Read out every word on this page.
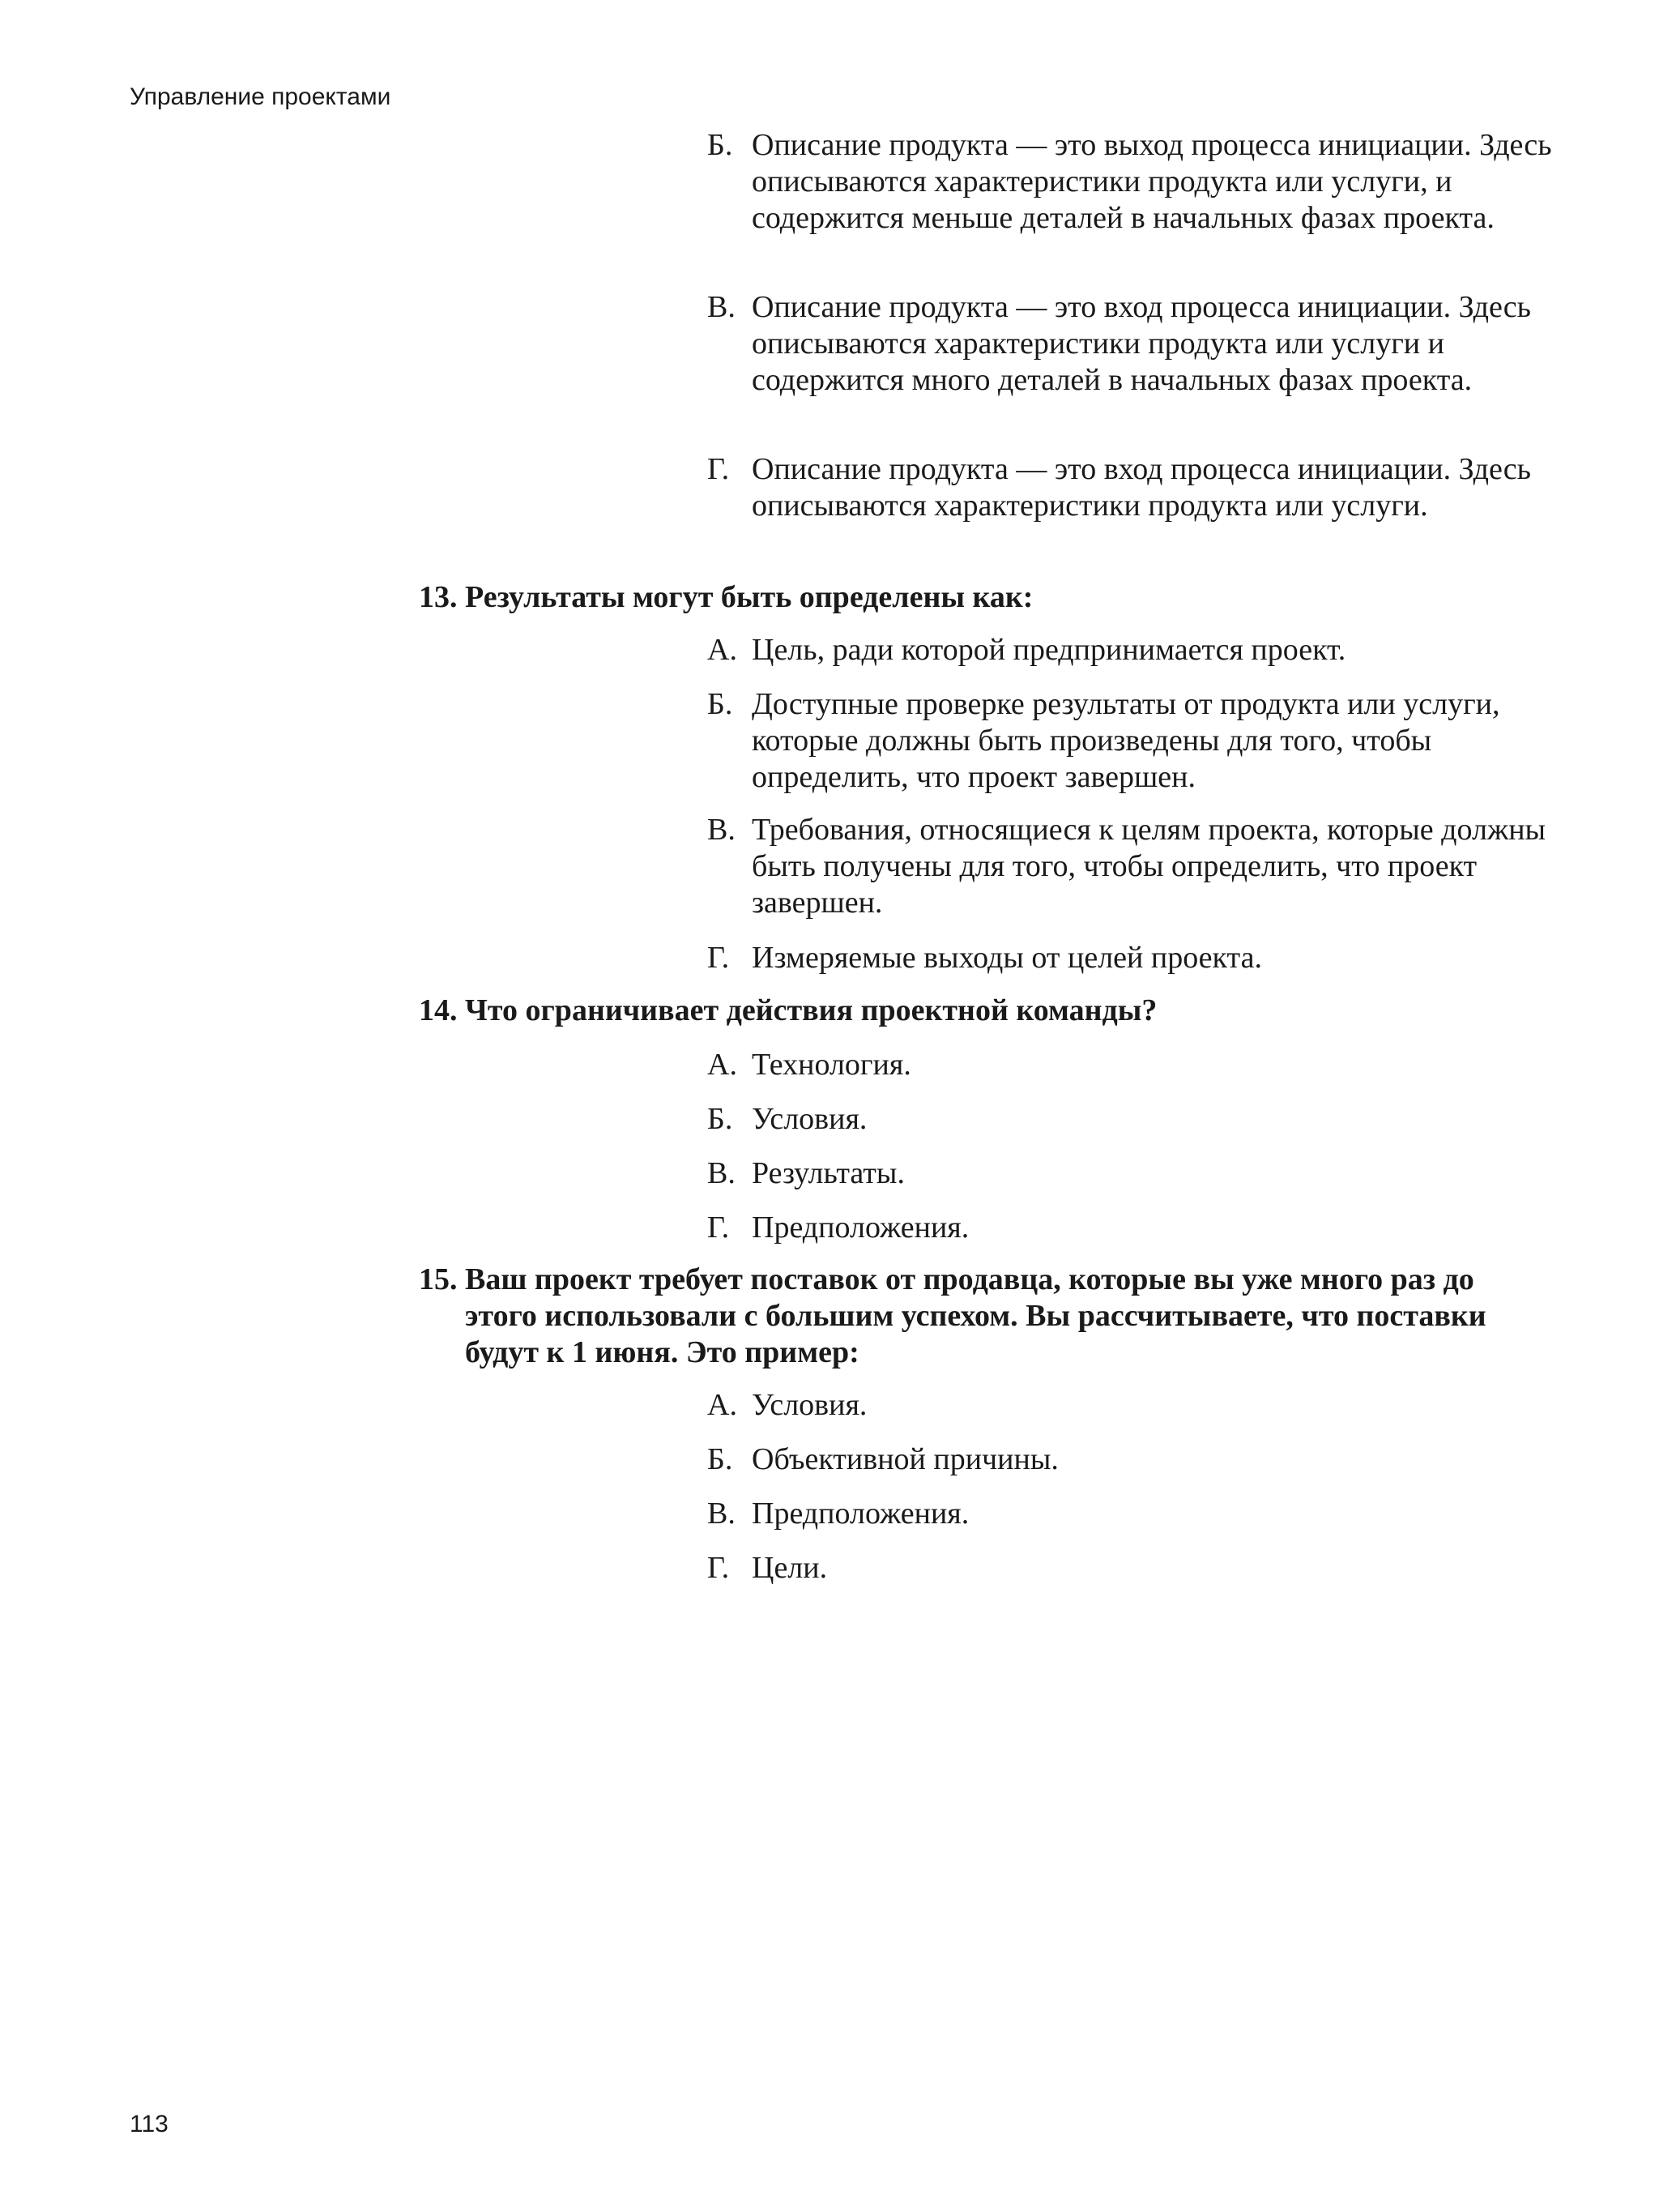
Управление проектами
Б. Описание продукта — это выход процесса инициации. Здесь описываются характеристики продукта или услуги, и содержится меньше деталей в начальных фазах проекта.
В. Описание продукта — это вход процесса инициации. Здесь описываются характеристики продукта или услуги и содержится много деталей в начальных фазах проекта.
Г. Описание продукта — это вход процесса инициации. Здесь описываются характеристики продукта или услуги.
13. Результаты могут быть определены как:
А. Цель, ради которой предпринимается проект.
Б. Доступные проверке результаты от продукта или услуги, которые должны быть произведены для того, чтобы определить, что проект завершен.
В. Требования, относящиеся к целям проекта, которые должны быть получены для того, чтобы определить, что проект завершен.
Г. Измеряемые выходы от целей проекта.
14. Что ограничивает действия проектной команды?
А. Технология.
Б. Условия.
В. Результаты.
Г. Предположения.
15. Ваш проект требует поставок от продавца, которые вы уже много раз до этого использовали с большим успехом. Вы рассчитываете, что поставки будут к 1 июня. Это пример:
А. Условия.
Б. Объективной причины.
В. Предположения.
Г. Цели.
113
